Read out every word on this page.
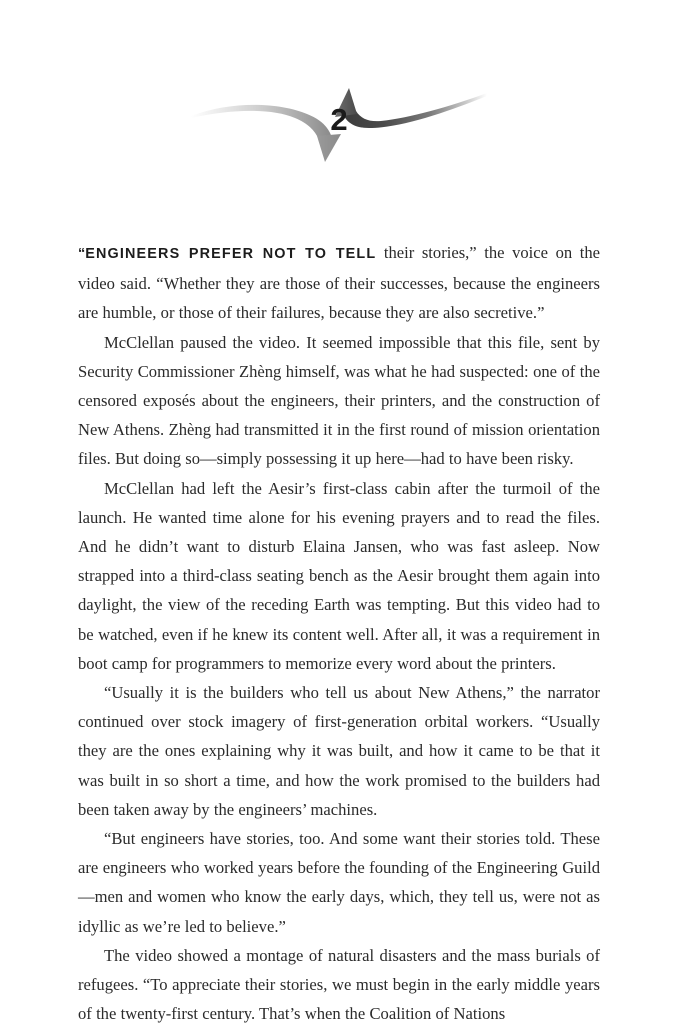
2

“ENGINEERS PREFER NOT TO TELL their stories,” the voice on the video said. “Whether they are those of their successes, because the engineers are humble, or those of their failures, because they are also secretive.”

McClellan paused the video. It seemed impossible that this file, sent by Security Commissioner Zhèng himself, was what he had suspected: one of the censored exposés about the engineers, their printers, and the construction of New Athens. Zhèng had transmitted it in the first round of mission orientation files. But doing so—simply possessing it up here—had to have been risky.

McClellan had left the Aesir’s first-class cabin after the turmoil of the launch. He wanted time alone for his evening prayers and to read the files. And he didn’t want to disturb Elaina Jansen, who was fast asleep. Now strapped into a third-class seating bench as the Aesir brought them again into daylight, the view of the receding Earth was tempting. But this video had to be watched, even if he knew its content well. After all, it was a requirement in boot camp for programmers to memorize every word about the printers.

“Usually it is the builders who tell us about New Athens,” the narrator continued over stock imagery of first-generation orbital workers. “Usually they are the ones explaining why it was built, and how it came to be that it was built in so short a time, and how the work promised to the builders had been taken away by the engineers’ machines.

“But engineers have stories, too. And some want their stories told. These are engineers who worked years before the founding of the Engineering Guild—men and women who know the early days, which, they tell us, were not as idyllic as we’re led to believe.”

The video showed a montage of natural disasters and the mass burials of refugees. “To appreciate their stories, we must begin in the early middle years of the twenty-first century. That’s when the Coalition of Nations
